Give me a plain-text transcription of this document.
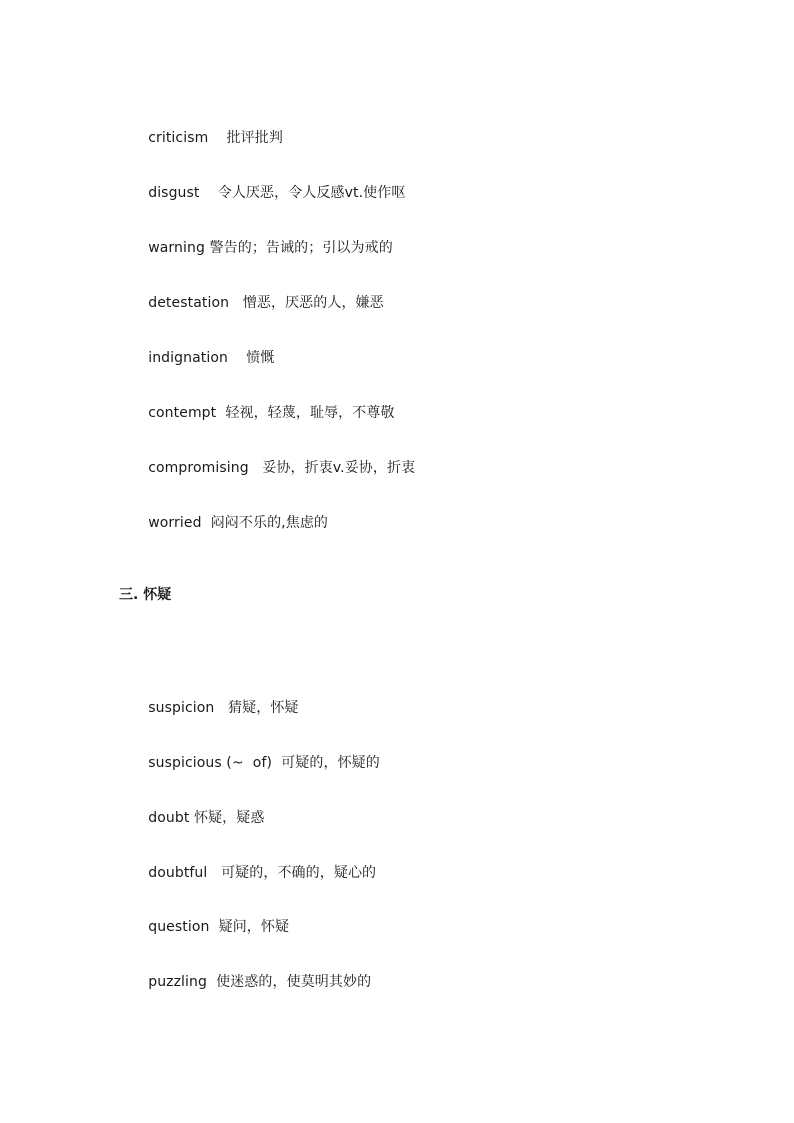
criticism 批评批判

disgust 令人厌恶，令人反感vt.使作呕

warning 警告的；告诫的；引以为戒的

detestation 憎恶，厌恶的人，嫌恶

indignation 愤慨

contempt 轻视，轻蔑，耻辱，不尊敬

compromising 妥协，折衷v.妥协，折衷

worried 闷闷不乐的,焦虑的

三. 怀疑

suspicion 猜疑，怀疑

suspicious (~  of) 可疑的，怀疑的

doubt 怀疑，疑惑

doubtful 可疑的，不确的，疑心的

question 疑问，怀疑

puzzling 使迷惑的，使莫明其妙的
